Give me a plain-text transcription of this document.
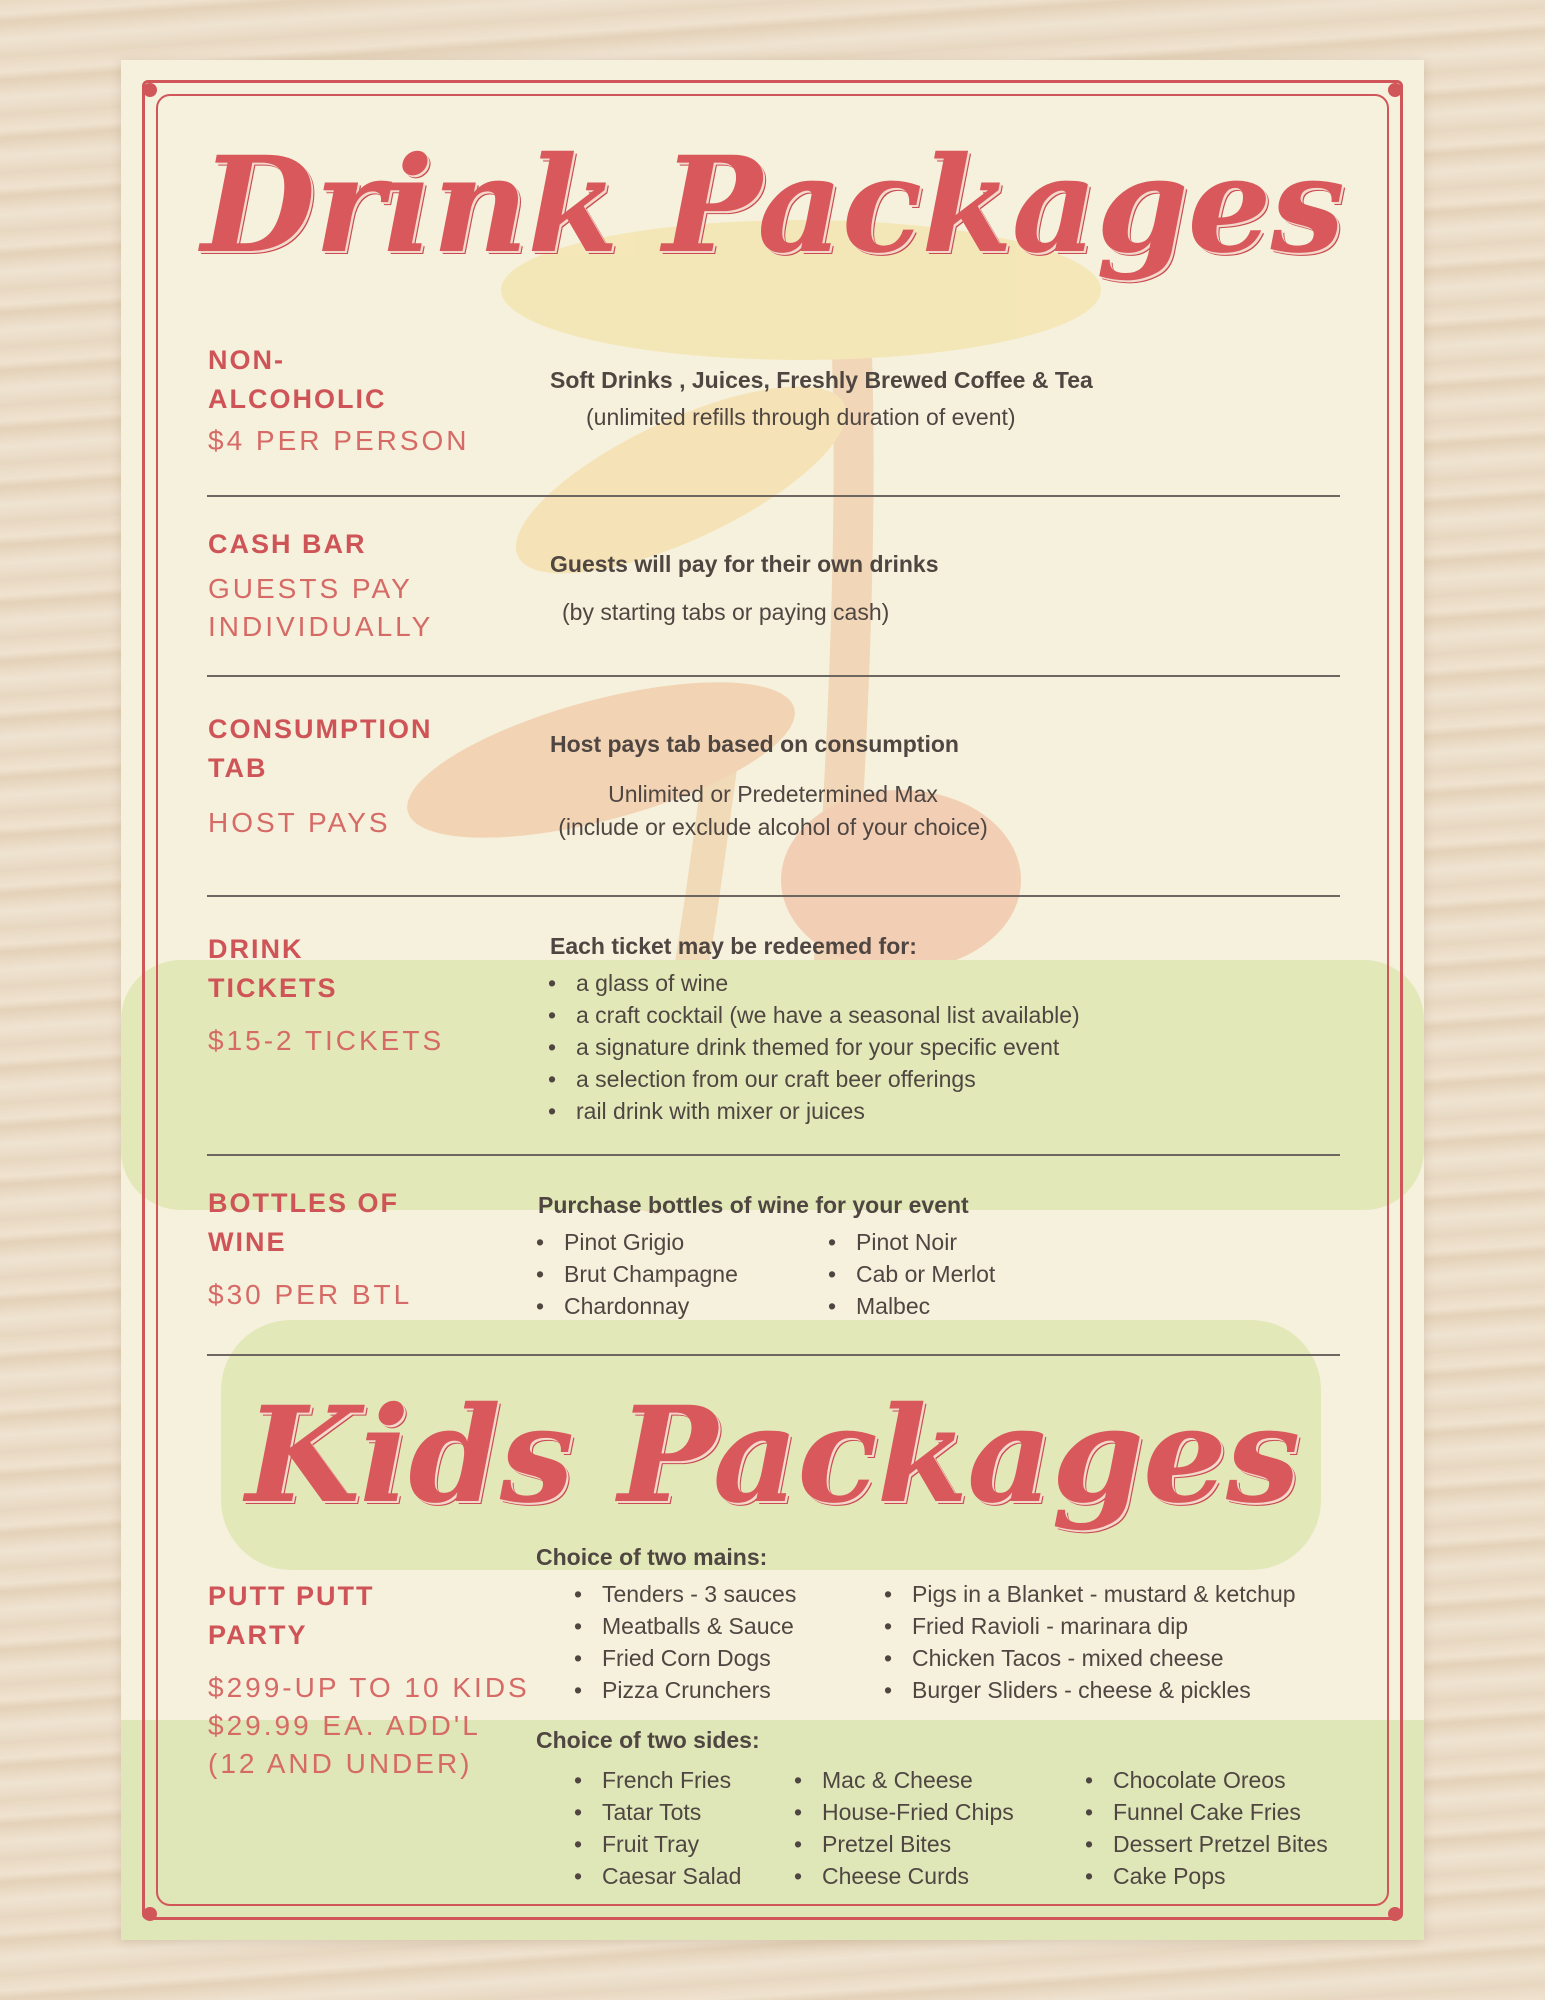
Drink Packages
NON-
ALCOHOLIC
$4 PER PERSON
Soft Drinks , Juices, Freshly Brewed Coffee & Tea
(unlimited refills through duration of event)
CASH BAR
GUESTS PAY
INDIVIDUALLY
Guests will pay for their own drinks
(by starting tabs or paying cash)
CONSUMPTION
TAB
HOST PAYS
Host pays tab based on consumption
Unlimited or Predetermined Max
(include or exclude alcohol of your choice)
DRINK
TICKETS
$15-2 TICKETS
Each ticket may be redeemed for:
• a glass of wine
• a craft cocktail (we have a seasonal list available)
• a signature drink themed for your specific event
• a selection from our craft beer offerings
• rail drink with mixer or juices
BOTTLES OF
WINE
$30 PER BTL
Purchase bottles of wine for your event
• Pinot Grigio
• Brut Champagne
• Chardonnay
• Pinot Noir
• Cab or Merlot
• Malbec
Kids Packages
PUTT PUTT
PARTY
$299-UP TO 10 KIDS
$29.99 EA. ADD'L
(12 AND UNDER)
Choice of two mains:
• Tenders - 3 sauces
• Meatballs & Sauce
• Fried Corn Dogs
• Pizza Crunchers
• Pigs in a Blanket - mustard & ketchup
• Fried Ravioli - marinara dip
• Chicken Tacos - mixed cheese
• Burger Sliders - cheese & pickles
Choice of two sides:
• French Fries
• Tatar Tots
• Fruit Tray
• Caesar Salad
• Mac & Cheese
• House-Fried Chips
• Pretzel Bites
• Cheese Curds
• Chocolate Oreos
• Funnel Cake Fries
• Dessert Pretzel Bites
• Cake Pops
